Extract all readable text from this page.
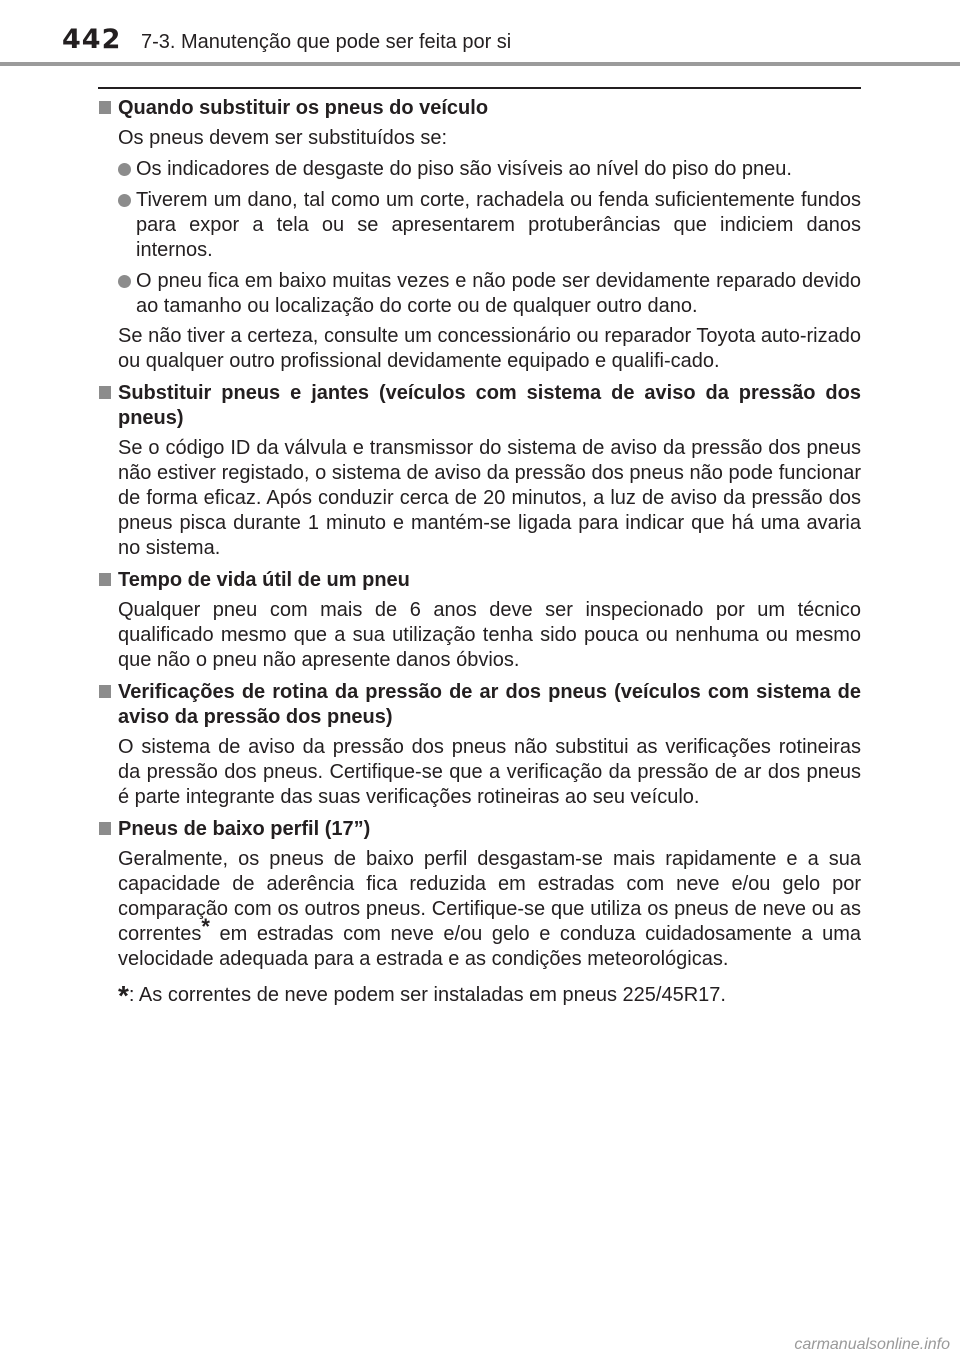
442 7-3. Manutenção que pode ser feita por si
Quando substituir os pneus do veículo
Os pneus devem ser substituídos se:
Os indicadores de desgaste do piso são visíveis ao nível do piso do pneu.
Tiverem um dano, tal como um corte, rachadela ou fenda suficientemente fundos para expor a tela ou se apresentarem protuberâncias que indiciem danos internos.
O pneu fica em baixo muitas vezes e não pode ser devidamente reparado devido ao tamanho ou localização do corte ou de qualquer outro dano.
Se não tiver a certeza, consulte um concessionário ou reparador Toyota auto-rizado ou qualquer outro profissional devidamente equipado e qualifi-cado.
Substituir pneus e jantes (veículos com sistema de aviso da pressão dos pneus)
Se o código ID da válvula e transmissor do sistema de aviso da pressão dos pneus não estiver registado, o sistema de aviso da pressão dos pneus não pode funcionar de forma eficaz. Após conduzir cerca de 20 minutos, a luz de aviso da pressão dos pneus pisca durante 1 minuto e mantém-se ligada para indicar que há uma avaria no sistema.
Tempo de vida útil de um pneu
Qualquer pneu com mais de 6 anos deve ser inspecionado por um técnico qualificado mesmo que a sua utilização tenha sido pouca ou nenhuma ou mesmo que não o pneu não apresente danos óbvios.
Verificações de rotina da pressão de ar dos pneus (veículos com sistema de aviso da pressão dos pneus)
O sistema de aviso da pressão dos pneus não substitui as verificações rotineiras da pressão dos pneus. Certifique-se que a verificação da pressão de ar dos pneus é parte integrante das suas verificações rotineiras ao seu veículo.
Pneus de baixo perfil (17”)
Geralmente, os pneus de baixo perfil desgastam-se mais rapidamente e a sua capacidade de aderência fica reduzida em estradas com neve e/ou gelo por comparação com os outros pneus. Certifique-se que utiliza os pneus de neve ou as correntes* em estradas com neve e/ou gelo e conduza cuidadosamente a uma velocidade adequada para a estrada e as condições meteorológicas.
*: As correntes de neve podem ser instaladas em pneus 225/45R17.
carmanualsonline.info
